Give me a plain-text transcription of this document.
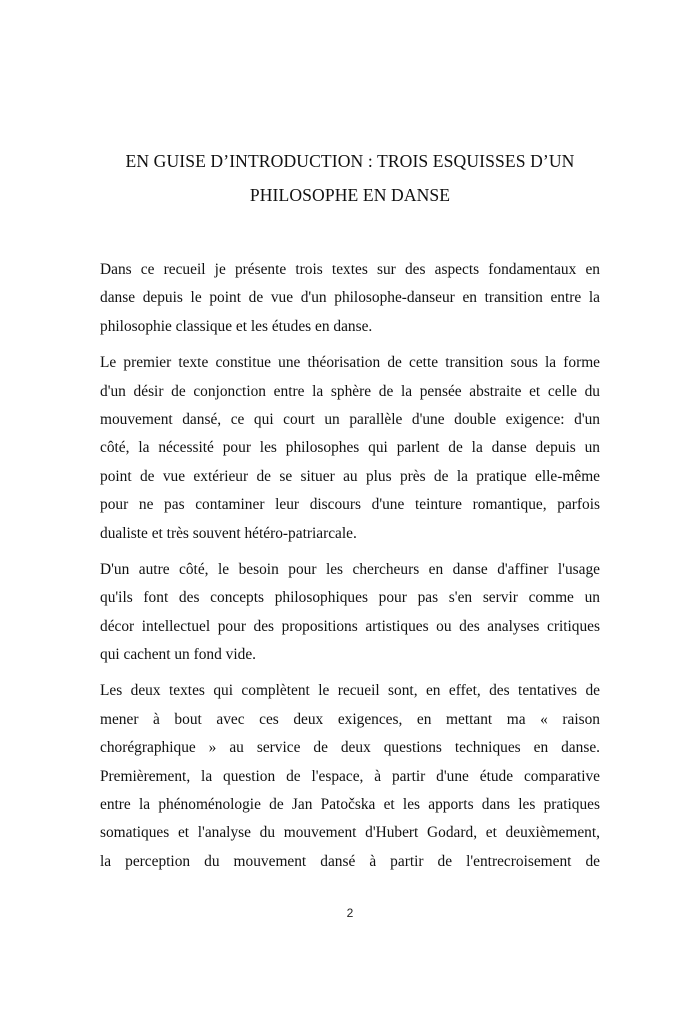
EN GUISE D’INTRODUCTION : TROIS ESQUISSES D’UN
PHILOSOPHE EN DANSE
Dans ce recueil je présente trois textes sur des aspects fondamentaux en
danse depuis le point de vue d'un philosophe-danseur en transition entre la
philosophie classique et les études en danse.
Le premier texte constitue une théorisation de cette transition sous la forme
d'un désir de conjonction entre la sphère de la pensée abstraite et celle du
mouvement dansé, ce qui court un parallèle d'une double exigence: d'un
côté, la nécessité pour les philosophes qui parlent de la danse depuis un
point de vue extérieur de se situer au plus près de la pratique elle-même
pour ne pas contaminer leur discours d'une teinture romantique, parfois
dualiste et très souvent hétéro-patriarcale.
D'un autre côté, le besoin pour les chercheurs en danse d'affiner l'usage
qu'ils font des concepts philosophiques pour pas s'en servir comme un
décor intellectuel pour des propositions artistiques ou des analyses critiques
qui cachent un fond vide.
Les deux textes qui complètent le recueil sont, en effet, des tentatives de
mener à bout avec ces deux exigences, en mettant ma « raison
chorégraphique » au service de deux questions techniques en danse.
Premièrement, la question de l'espace, à partir d'une étude comparative
entre la phénoménologie de Jan Patočska et les apports dans les pratiques
somatiques et l'analyse du mouvement d'Hubert Godard, et deuxièmement,
la perception du mouvement dansé à partir de l'entrecroisement de
2
